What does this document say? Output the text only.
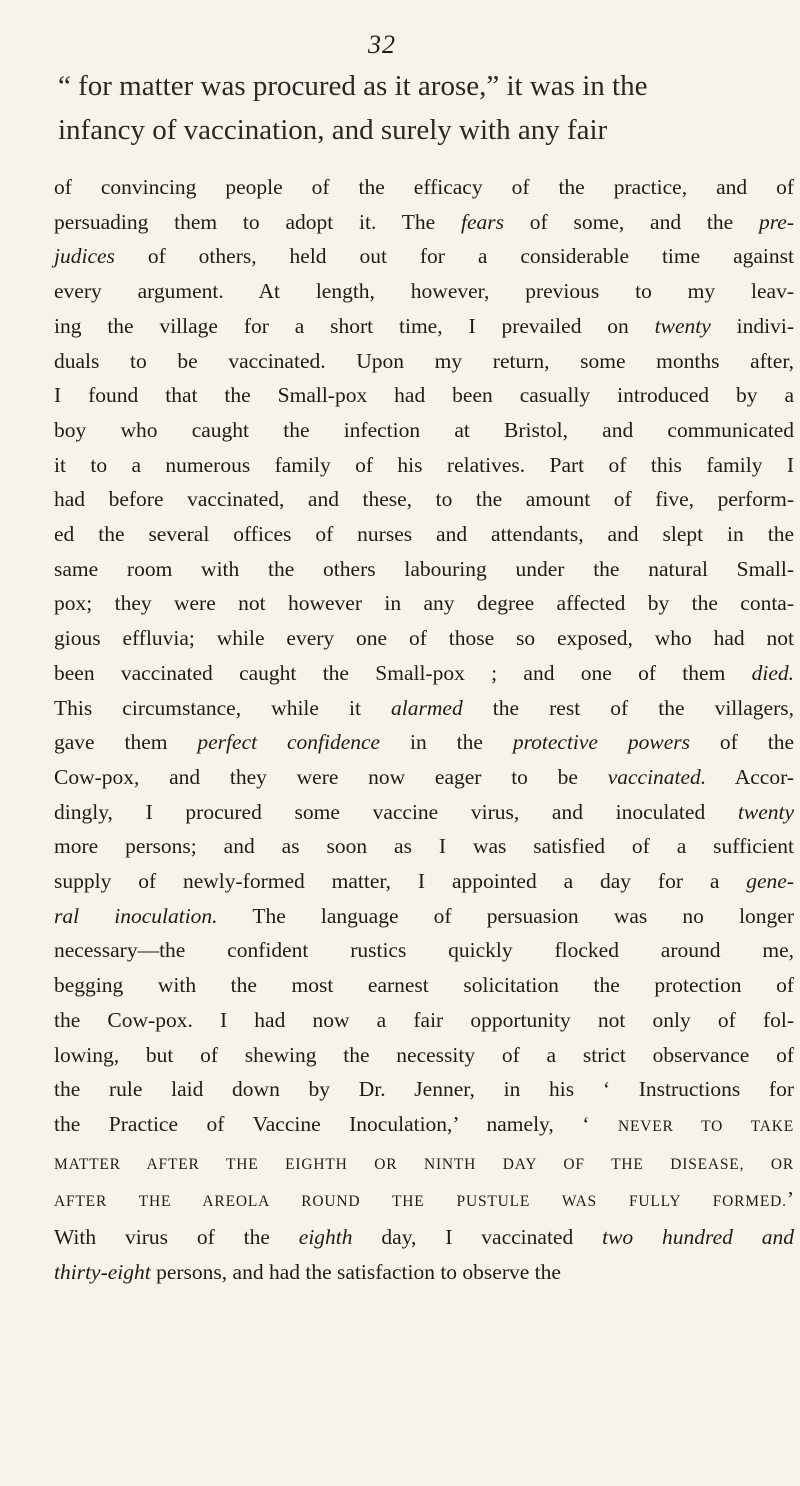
32
“ for matter was procured as it arose,” it was in the
infancy of vaccination, and surely with any fair
of convincing people of the efficacy of the practice, and of
persuading them to adopt it. The fears of some, and the pre-
judices of others, held out for a considerable time against
every argument. At length, however, previous to my leav-
ing the village for a short time, I prevailed on twenty indivi-
duals to be vaccinated. Upon my return, some months after,
I found that the Small-pox had been casually introduced by a
boy who caught the infection at Bristol, and communicated
it to a numerous family of his relatives. Part of this family I
had before vaccinated, and these, to the amount of five, perform-
ed the several offices of nurses and attendants, and slept in the
same room with the others labouring under the natural Small-
pox; they were not however in any degree affected by the conta-
gious effluvia; while every one of those so exposed, who had not
been vaccinated caught the Small-pox ; and one of them died.
This circumstance, while it alarmed the rest of the villagers,
gave them perfect confidence in the protective powers of the
Cow-pox, and they were now eager to be vaccinated. Accor-
dingly, I procured some vaccine virus, and inoculated twenty
more persons; and as soon as I was satisfied of a sufficient
supply of newly-formed matter, I appointed a day for a gene-
ral inoculation. The language of persuasion was no longer
necessary—the confident rustics quickly flocked around me,
begging with the most earnest solicitation the protection of
the Cow-pox. I had now a fair opportunity not only of fol-
lowing, but of shewing the necessity of a strict observance of
the rule laid down by Dr. Jenner, in his ‘ Instructions for
the Practice of Vaccine Inoculation,’ namely, ‘ NEVER TO TAKE
MATTER AFTER THE EIGHTH OR NINTH DAY OF THE DISEASE, OR
AFTER THE AREOLA ROUND THE PUSTULE WAS FULLY FORMED.’
With virus of the eighth day, I vaccinated two hundred and
thirty-eight persons, and had the satisfaction to observe the
